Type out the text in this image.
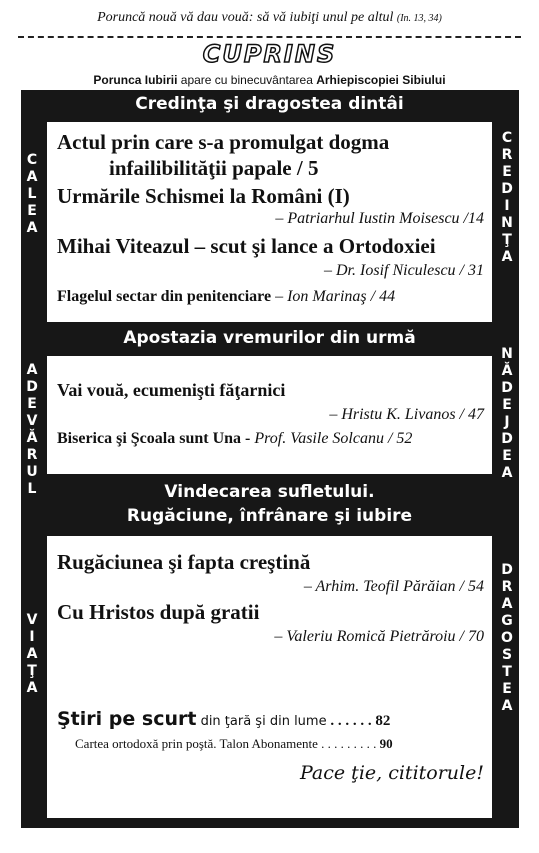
Poruncă nouă vă dau vouă: să vă iubiţi unul pe altul (In. 13, 34)
CUPRINS
Porunca Iubirii apare cu binecuvântarea Arhiepiscopiei Sibiului
Credinţa şi dragostea dintâi
Apostazia vremurilor din urmă
Vindecarea sufletului.
Rugăciune, înfrânare şi iubire
C
A
L
E
A
A
D
E
V
Ă
R
U
L
V
I
A
Ţ
A
C
R
E
D
I
N
Ţ
A
N
Ă
D
E
J
D
E
A
D
R
A
G
O
S
T
E
A
Actul prin care s-a promulgat dogma
infailibilităţii papale / 5
Urmările Schismei la Români (I)
– Patriarhul Iustin Moisescu /14
Mihai Viteazul – scut şi lance a Ortodoxiei
– Dr. Iosif Niculescu / 31
Flagelul sectar din penitenciare – Ion Marinaş / 44
Vai vouă, ecumenişti făţarnici
– Hristu K. Livanos / 47
Biserica şi Şcoala sunt Una - Prof. Vasile Solcanu / 52
Rugăciunea şi fapta creştină
– Arhim. Teofil Părăian / 54
Cu Hristos după gratii
– Valeriu Romică Pietrăroiu / 70
Ştiri pe scurt din ţară şi din lume . . . . . . 82
Cartea ortodoxă prin poştă. Talon Abonamente . . . . . . . . . 90
Pace ţie, cititorule!
